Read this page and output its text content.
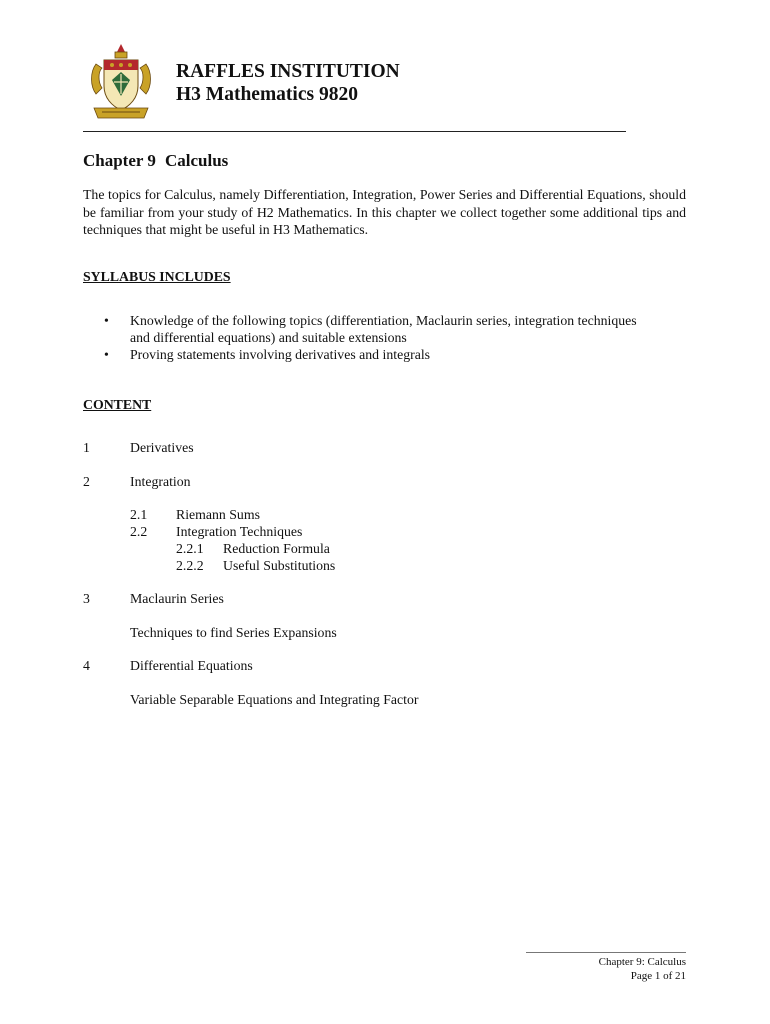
RAFFLES INSTITUTION
H3 Mathematics 9820
Chapter 9 Calculus

The topics for Calculus, namely Differentiation, Integration, Power Series and Differential Equations, should be familiar from your study of H2 Mathematics. In this chapter we collect together some additional tips and techniques that might be useful in H3 Mathematics.

SYLLABUS INCLUDES
• Knowledge of the following topics (differentiation, Maclaurin series, integration techniques and differential equations) and suitable extensions
• Proving statements involving derivatives and integrals
CONTENT
1	Derivatives
2	Integration
2.1 Riemann Sums
2.2 Integration Techniques
2.2.1 Reduction Formula
2.2.2 Useful Substitutions
3	Maclaurin Series
Techniques to find Series Expansions
4	Differential Equations
Variable Separable Equations and Integrating Factor
Chapter 9: Calculus
Page 1 of 21
